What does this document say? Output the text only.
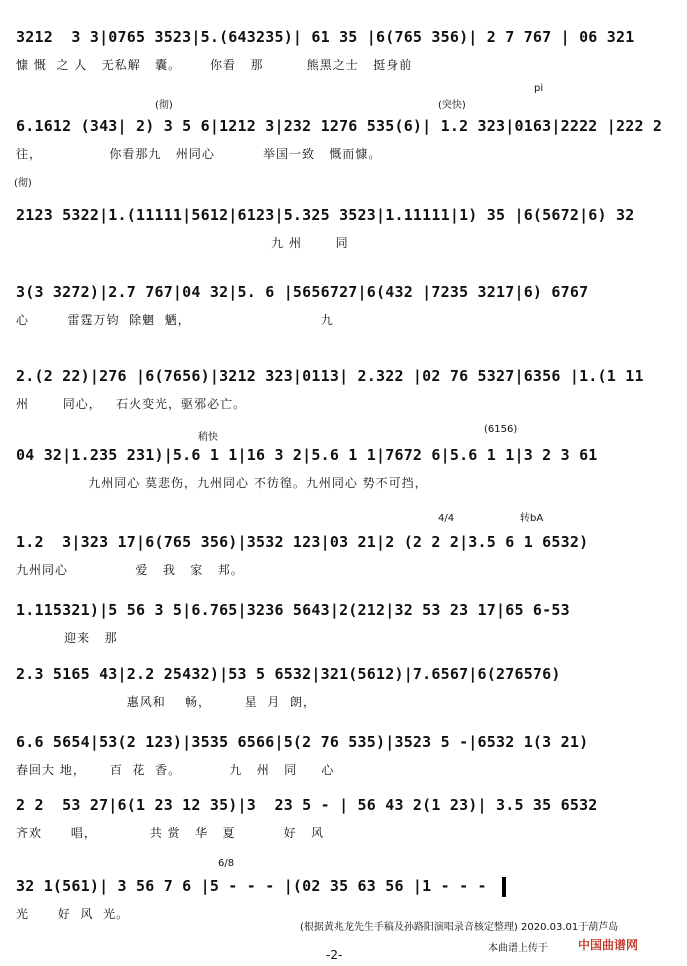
3212  3 3|0765 3523|5.(643235)| 61 35 |6(765 356)| 2 7 767 | 06 321
慷 慨  之 人   无私解   囊。      你看   那         熊黑之士   挺身前
pi
6.1612 (343| 2) 3 5 6|1212 3|232 1276 535(6)| 1.2 323|0163|2222 |222 2
往，              你看那九   州同心          举国一致   慨而慷。
(彻)	(突快)
2123 5322|1.(11111|5612|6123|5.325 3523|1.11111|1) 35 |6(5672|6) 32
九 州       同
(彻)
3(3 3272)|2.7 767|04 32|5. 6 |5656727|6(432 |7235 3217|6) 6767
心        雷霆万钧  除魍  魉，                           九
2.(2 22)|276 |6(7656)|3212 323|0113| 2.322 |02 76 5327|6356 |1.(1 11
州       同心，   石火变光，驱邪必亡。
04 32|1.235 231)|5.6 1 1|16 3 2|5.6 1 1|7672 6|5.6 1 1|3 2 3 61
九州同心 莫悲伤，九州同心 不彷徨。九州同心 势不可挡，
稍快
(6156)
1.2  3|323 17|6(765 356)|3532 123|03 21|2 (2 2 2|3.5 6 1 6532)
九州同心              爱   我   家   邦。
4/4	转bA
1.115321)|5 56 3 5|6.765|3236 5643|2(212|32 53 23 17|65 6-53
迎来   那
2.3 5165 43|2.2 25432)|53 5 6532|321(5612)|7.6567|6(276576)
惠风和    畅，       星  月  朗，
6.6 5654|53(2 123)|3535 6566|5(2 76 535)|3523 5 -|6532 1(3 21)
春回大 地，     百  花  香。          九   州   同     心
2 2  53 27|6(1 23 12 35)|3  23 5 - | 56 43 2(1 23)| 3.5 35 6532
齐欢      唱，           共 赏   华   夏          好   风
32 1(561)| 3 56 7 6 |5 - - - |(02 35 63 56 |1 - - -
光      好  风  光。
6/8
(根据黄兆龙先生手稿及孙路阳演唱录音核定整理) 2020.03.01于葫芦岛
本曲谱上传于	中国曲谱网
-2-
